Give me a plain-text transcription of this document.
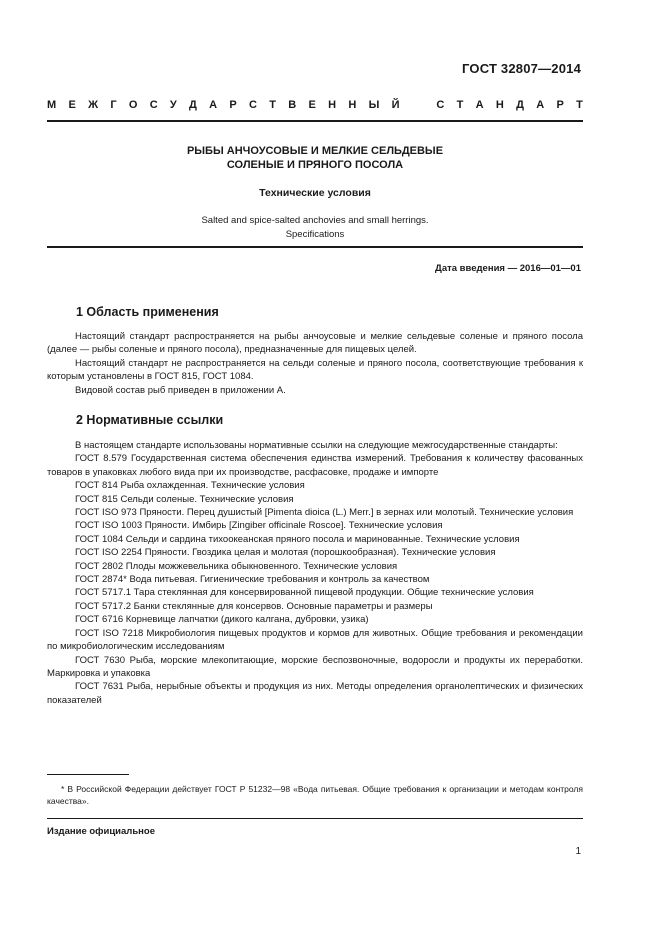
ГОСТ 32807—2014
М Е Ж Г О С У Д А Р С Т В Е Н Н Ы Й	С Т А Н Д А Р Т
РЫБЫ АНЧОУСОВЫЕ И МЕЛКИЕ СЕЛЬДЕВЫЕ
СОЛЕНЫЕ И ПРЯНОГО ПОСОЛА
Технические условия
Salted and spice-salted anchovies and small herrings.
Specifications
Дата введения — 2016—01—01
1 Область применения

Настоящий стандарт распространяется на рыбы анчоусовые и мелкие сельдевые соленые и пряного посола (далее — рыбы соленые и пряного посола), предназначенные для пищевых целей.

Настоящий стандарт не распространяется на сельди соленые и пряного посола, соответствующие требования к которым установлены в ГОСТ 815, ГОСТ 1084.

Видовой состав рыб приведен в приложении А.

2 Нормативные ссылки

В настоящем стандарте использованы нормативные ссылки на следующие межгосударственные стандарты:

ГОСТ 8.579 Государственная система обеспечения единства измерений. Требования к количеству фасованных товаров в упаковках любого вида при их производстве, расфасовке, продаже и импорте

ГОСТ 814 Рыба охлажденная. Технические условия

ГОСТ 815 Сельди соленые. Технические условия

ГОСТ ISO 973 Пряности. Перец душистый [Pimenta dioica (L.) Merr.] в зернах или молотый. Технические условия

ГОСТ ISO 1003 Пряности. Имбирь [Zingiber officinale Roscoe]. Технические условия

ГОСТ 1084 Сельди и сардина тихоокеанская пряного посола и маринованные. Технические условия

ГОСТ ISO 2254 Пряности. Гвоздика целая и молотая (порошкообразная). Технические условия

ГОСТ 2802 Плоды можжевельника обыкновенного. Технические условия

ГОСТ 2874* Вода питьевая. Гигиенические требования и контроль за качеством

ГОСТ 5717.1 Тара стеклянная для консервированной пищевой продукции. Общие технические условия

ГОСТ 5717.2 Банки стеклянные для консервов. Основные параметры и размеры

ГОСТ 6716 Корневище лапчатки (дикого калгана, дубровки, узика)

ГОСТ ISO 7218 Микробиология пищевых продуктов и кормов для животных. Общие требования и рекомендации по микробиологическим исследованиям

ГОСТ 7630 Рыба, морские млекопитающие, морские беспозвоночные, водоросли и продукты их переработки. Маркировка и упаковка

ГОСТ 7631 Рыба, нерыбные объекты и продукция из них. Методы определения органолептических и физических показателей

* В Российской Федерации действует ГОСТ Р 51232—98 «Вода питьевая. Общие требования к организации и методам контроля качества».

Издание официальное
1
